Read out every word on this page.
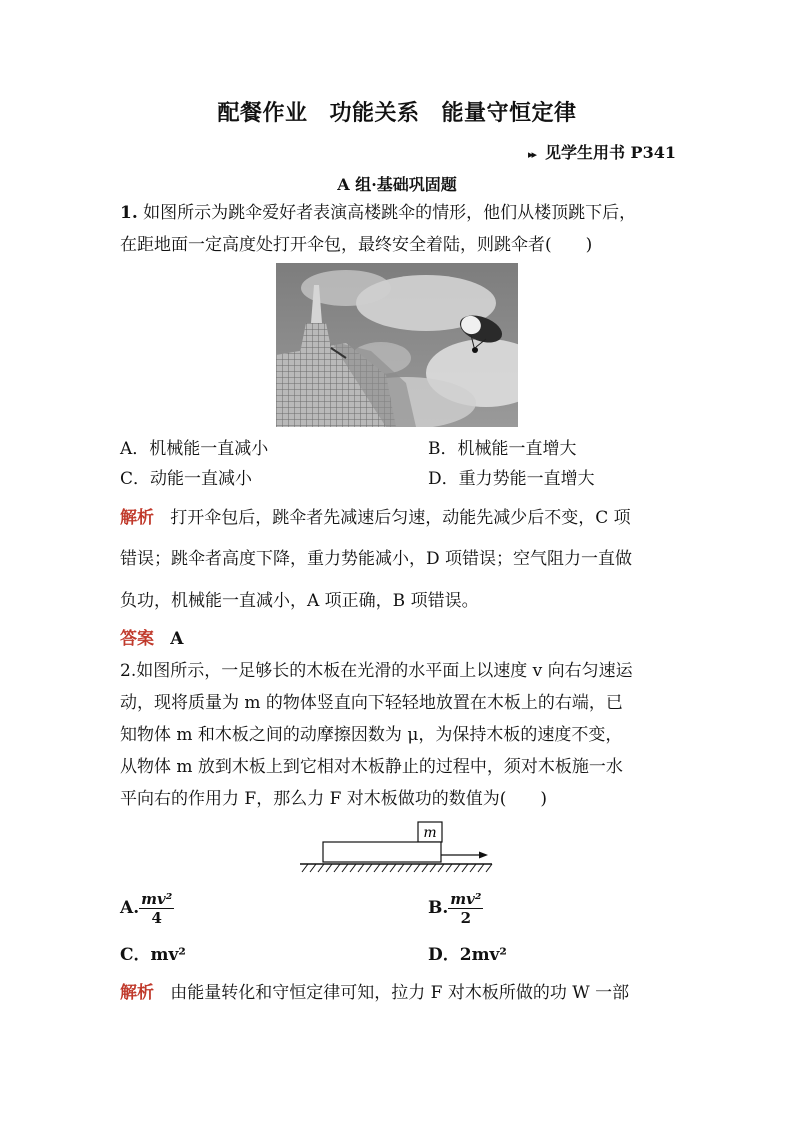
配餐作业 功能关系 能量守恒定律
▸▸ 见学生用书 P341
A 组·基础巩固题
1. 如图所示为跳伞爱好者表演高楼跳伞的情形，他们从楼顶跳下后，
在距地面一定高度处打开伞包，最终安全着陆，则跳伞者(　　)
A．机械能一直减小	B．机械能一直增大
C．动能一直减小	D．重力势能一直增大
解析 打开伞包后，跳伞者先减速后匀速，动能先减少后不变，C 项
错误；跳伞者高度下降，重力势能减小，D 项错误；空气阻力一直做
负功，机械能一直减小，A 项正确，B 项错误。
答案 A
2.如图所示，一足够长的木板在光滑的水平面上以速度 v 向右匀速运
动，现将质量为 m 的物体竖直向下轻轻地放置在木板上的右端，已
知物体 m 和木板之间的动摩擦因数为 μ，为保持木板的速度不变，
从物体 m 放到木板上到它相对木板静止的过程中，须对木板施一水
平向右的作用力 F，那么力 F 对木板做功的数值为(　　)
m
A. $\frac{\text{mv²}}{4}$	B. $\frac{\text{mv²}}{2}$
C．mv²	D．2mv²
解析 由能量转化和守恒定律可知，拉力 F 对木板所做的功 W 一部
